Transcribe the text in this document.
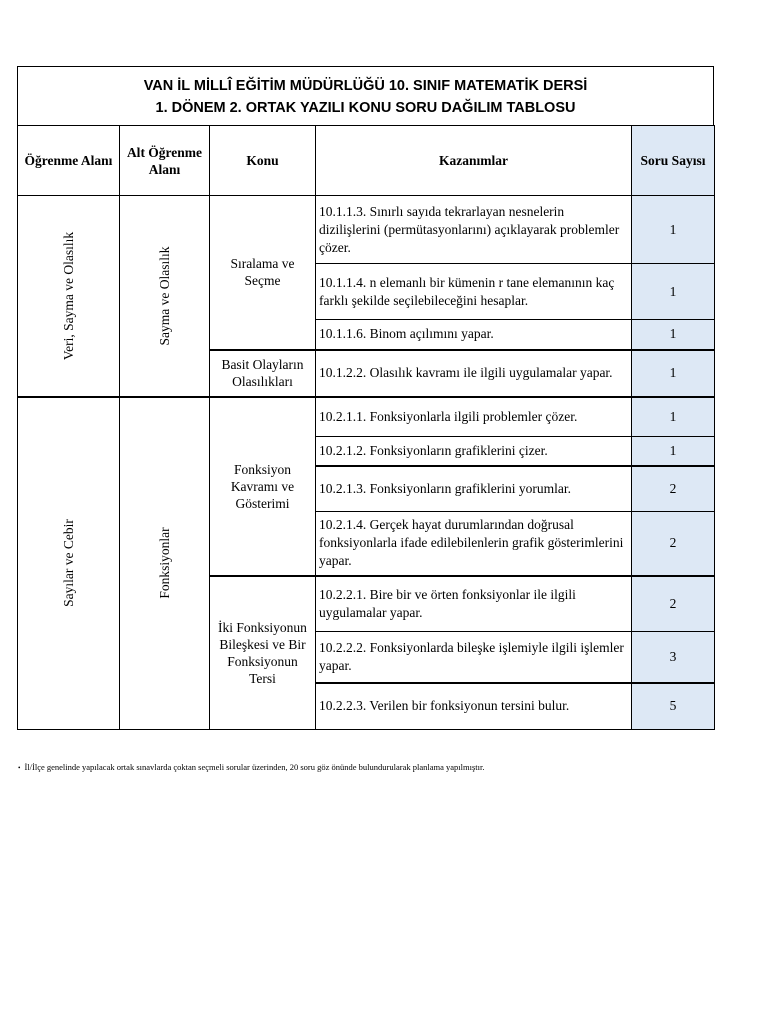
VAN İL MİLLÎ EĞİTİM MÜDÜRLÜĞÜ 10. SINIF MATEMATİK DERSİ
1. DÖNEM 2. ORTAK YAZILI KONU SORU DAĞILIM TABLOSU
Öğrenme Alanı	Alt Öğrenme Alanı	Konu	Kazanımlar	Soru Sayısı

Veri, Sayma ve Olasılık	Sayma ve Olasılık	Sıralama ve Seçme	10.1.1.3. Sınırlı sayıda tekrarlayan nesnelerin dizilişlerini (permütasyonlarını) açıklayarak problemler çözer.	1
			10.1.1.4. n elemanlı bir kümenin r tane elemanının kaç farklı şekilde seçilebileceğini hesaplar.	1
			10.1.1.6. Binom açılımını yapar.	1
		Basit Olayların Olasılıkları	10.1.2.2. Olasılık kavramı ile ilgili uygulamalar yapar.	1

Sayılar ve Cebir	Fonksiyonlar	Fonksiyon Kavramı ve Gösterimi	10.2.1.1. Fonksiyonlarla ilgili problemler çözer.	1
			10.2.1.2. Fonksiyonların grafiklerini çizer.	1
			10.2.1.3. Fonksiyonların grafiklerini yorumlar.	2
			10.2.1.4. Gerçek hayat durumlarından doğrusal fonksiyonlarla ifade edilebilenlerin grafik gösterimlerini yapar.	2
		İki Fonksiyonun Bileşkesi ve Bir Fonksiyonun Tersi	10.2.2.1. Bire bir ve örten fonksiyonlar ile ilgili uygulamalar yapar.	2
			10.2.2.2. Fonksiyonlarda bileşke işlemiyle ilgili işlemler yapar.	3
			10.2.2.3. Verilen bir fonksiyonun tersini bulur.	5
• İl/İlçe genelinde yapılacak ortak sınavlarda çoktan seçmeli sorular üzerinden, 20 soru göz önünde bulundurularak planlama yapılmıştır.
